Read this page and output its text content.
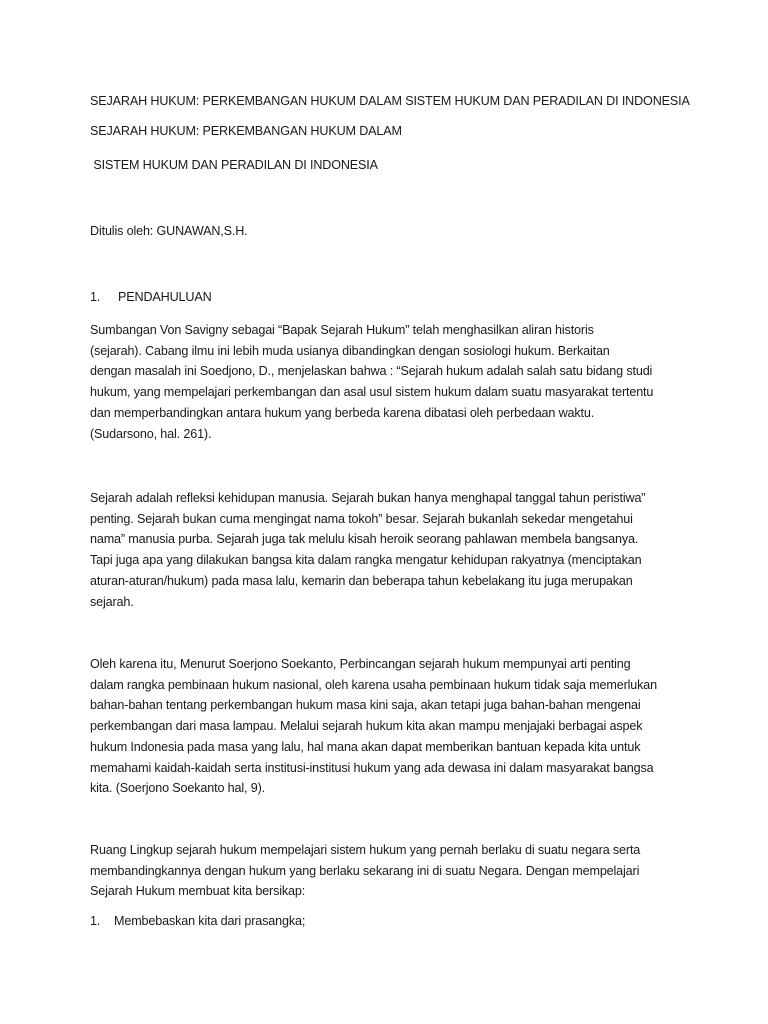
SEJARAH HUKUM: PERKEMBANGAN HUKUM DALAM SISTEM HUKUM DAN PERADILAN DI INDONESIA

SEJARAH HUKUM: PERKEMBANGAN HUKUM DALAM

SISTEM HUKUM DAN PERADILAN DI INDONESIA

Ditulis oleh: GUNAWAN,S.H.

1. PENDAHULUAN

Sumbangan Von Savigny sebagai “Bapak Sejarah Hukum” telah menghasilkan aliran historis
(sejarah). Cabang ilmu ini lebih muda usianya dibandingkan dengan sosiologi hukum. Berkaitan
dengan masalah ini Soedjono, D., menjelaskan bahwa : “Sejarah hukum adalah salah satu bidang studi
hukum, yang mempelajari perkembangan dan asal usul sistem hukum dalam suatu masyarakat tertentu
dan memperbandingkan antara hukum yang berbeda karena dibatasi oleh perbedaan waktu.
(Sudarsono, hal. 261).
Sejarah adalah refleksi kehidupan manusia. Sejarah bukan hanya menghapal tanggal tahun peristiwa”
penting. Sejarah bukan cuma mengingat nama tokoh” besar. Sejarah bukanlah sekedar mengetahui
nama” manusia purba. Sejarah juga tak melulu kisah heroik seorang pahlawan membela bangsanya.
Tapi juga apa yang dilakukan bangsa kita dalam rangka mengatur kehidupan rakyatnya (menciptakan
aturan-aturan/hukum) pada masa lalu, kemarin dan beberapa tahun kebelakang itu juga merupakan
sejarah.
Oleh karena itu, Menurut Soerjono Soekanto, Perbincangan sejarah hukum mempunyai arti penting
dalam rangka pembinaan hukum nasional, oleh karena usaha pembinaan hukum tidak saja memerlukan
bahan-bahan tentang perkembangan hukum masa kini saja, akan tetapi juga bahan-bahan mengenai
perkembangan dari masa lampau. Melalui sejarah hukum kita akan mampu menjajaki berbagai aspek
hukum Indonesia pada masa yang lalu, hal mana akan dapat memberikan bantuan kepada kita untuk
memahami kaidah-kaidah serta institusi-institusi hukum yang ada dewasa ini dalam masyarakat bangsa
kita. (Soerjono Soekanto hal, 9).
Ruang Lingkup sejarah hukum mempelajari sistem hukum yang pernah berlaku di suatu negara serta
membandingkannya dengan hukum yang berlaku sekarang ini di suatu Negara. Dengan mempelajari
Sejarah Hukum membuat kita bersikap:

1. Membebaskan kita dari prasangka;
